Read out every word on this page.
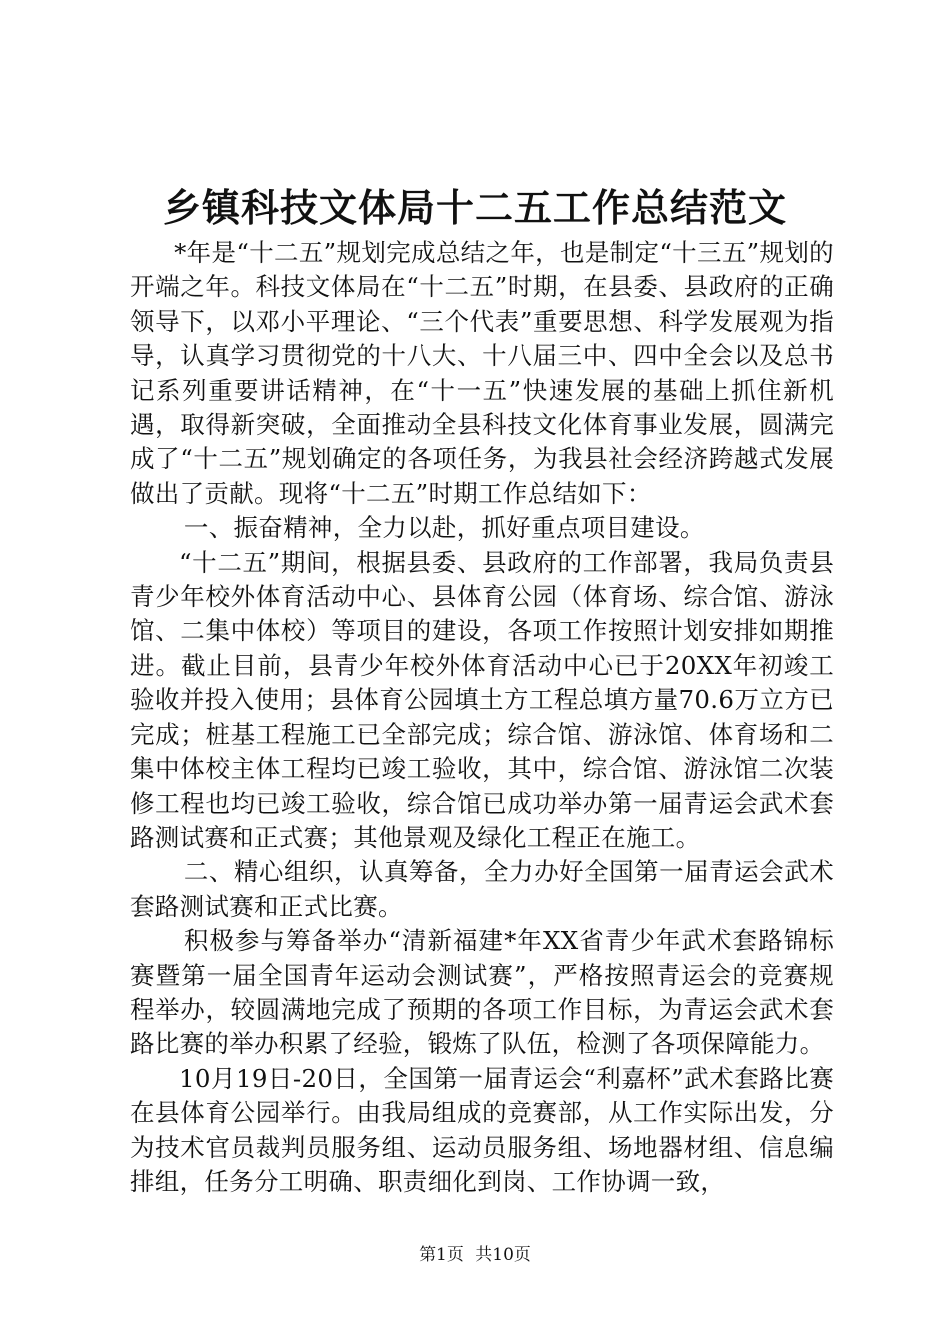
乡镇科技文体局十二五工作总结范文

*年是“十二五”规划完成总结之年，也是制定“十三五”规划的开端之年。科技文体局在“十二五”时期，在县委、县政府的正确领导下，以邓小平理论、“三个代表”重要思想、科学发展观为指导，认真学习贯彻党的十八大、十八届三中、四中全会以及总书记系列重要讲话精神，在“十一五”快速发展的基础上抓住新机遇，取得新突破，全面推动全县科技文化体育事业发展，圆满完成了“十二五”规划确定的各项任务，为我县社会经济跨越式发展做出了贡献。现将“十二五”时期工作总结如下：

一、振奋精神，全力以赴，抓好重点项目建设。

“十二五”期间，根据县委、县政府的工作部署，我局负责县青少年校外体育活动中心、县体育公园（体育场、综合馆、游泳馆、二集中体校）等项目的建设，各项工作按照计划安排如期推进。截止目前，县青少年校外体育活动中心已于20XX年初竣工验收并投入使用；县体育公园填土方工程总填方量70.6万立方已完成；桩基工程施工已全部完成；综合馆、游泳馆、体育场和二集中体校主体工程均已竣工验收，其中，综合馆、游泳馆二次装修工程也均已竣工验收，综合馆已成功举办第一届青运会武术套路测试赛和正式赛；其他景观及绿化工程正在施工。

二、精心组织，认真筹备，全力办好全国第一届青运会武术套路测试赛和正式比赛。

积极参与筹备举办“清新福建*年XX省青少年武术套路锦标赛暨第一届全国青年运动会测试赛”，严格按照青运会的竞赛规程举办，较圆满地完成了预期的各项工作目标，为青运会武术套路比赛的举办积累了经验，锻炼了队伍，检测了各项保障能力。

10月19日-20日，全国第一届青运会“利嘉杯”武术套路比赛在县体育公园举行。由我局组成的竞赛部，从工作实际出发，分为技术官员裁判员服务组、运动员服务组、场地器材组、信息编排组，任务分工明确、职责细化到岗、工作协调一致，

第1页 共10页
